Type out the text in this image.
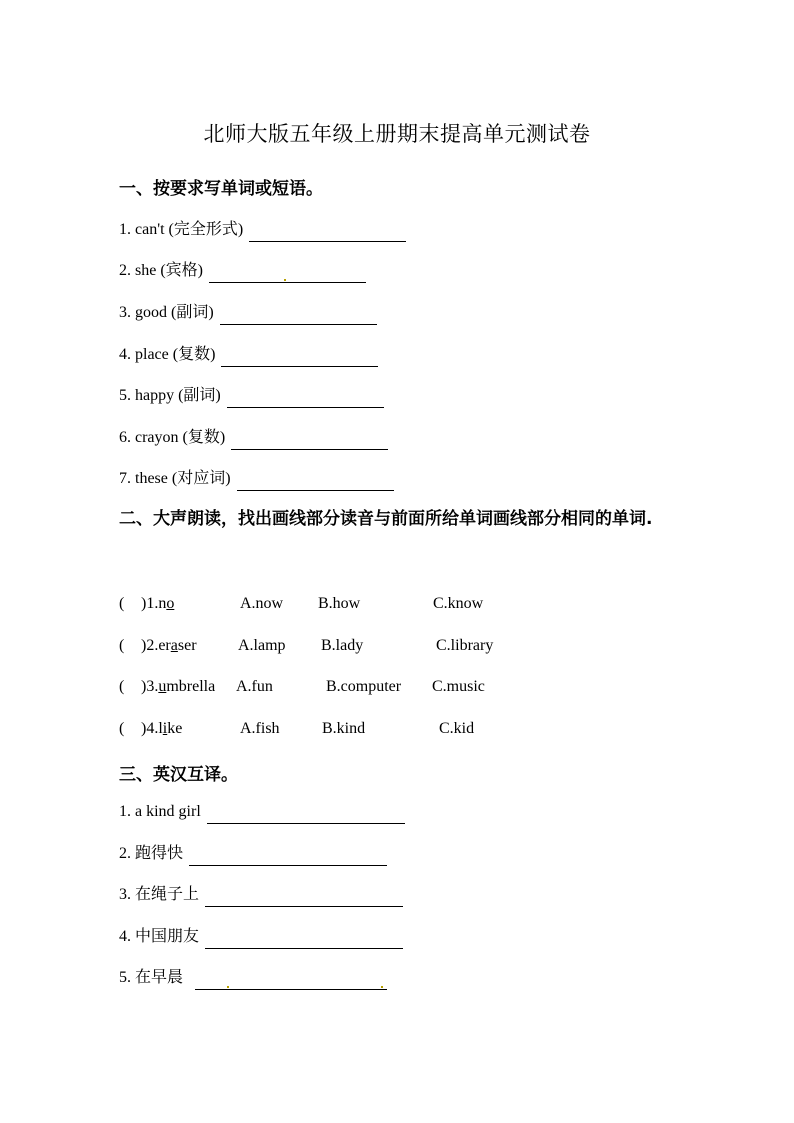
北师大版五年级上册期末提高单元测试卷
一、按要求写单词或短语。
1. can't (完全形式)
2. she (宾格)
3. good (副词)
4. place (复数)
5. happy (副词)
6. crayon (复数)
7. these (对应词)
二、大声朗读，找出画线部分读音与前面所给单词画线部分相同的单词.
( )1.no	A.now B.how	C.know
( )2.eraser	A.lamp B.lady	C.library
( )3.umbrella A.fun	B.computer C.music
( )4.like	A.fish	B.kind	C.kid
三、英汉互译。
1. a kind girl
2. 跑得快
3. 在绳子上
4. 中国朋友
5. 在早晨
